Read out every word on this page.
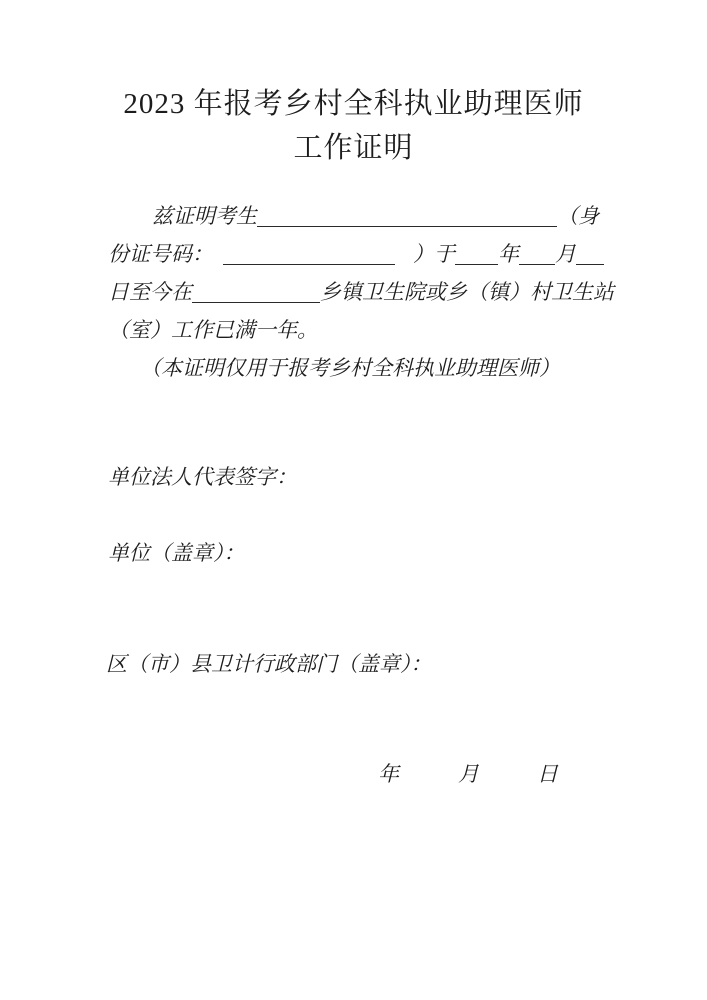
2023 年报考乡村全科执业助理医师
工作证明
兹证明考生	（身
份证号码：	）于 年 月
日至今在	乡镇卫生院或乡（镇）村卫生站
（室）工作已满一年。
（本证明仅用于报考乡村全科执业助理医师）
单位法人代表签字：
单位（盖章）：
区（市）县卫计行政部门（盖章）：
年	月	日
